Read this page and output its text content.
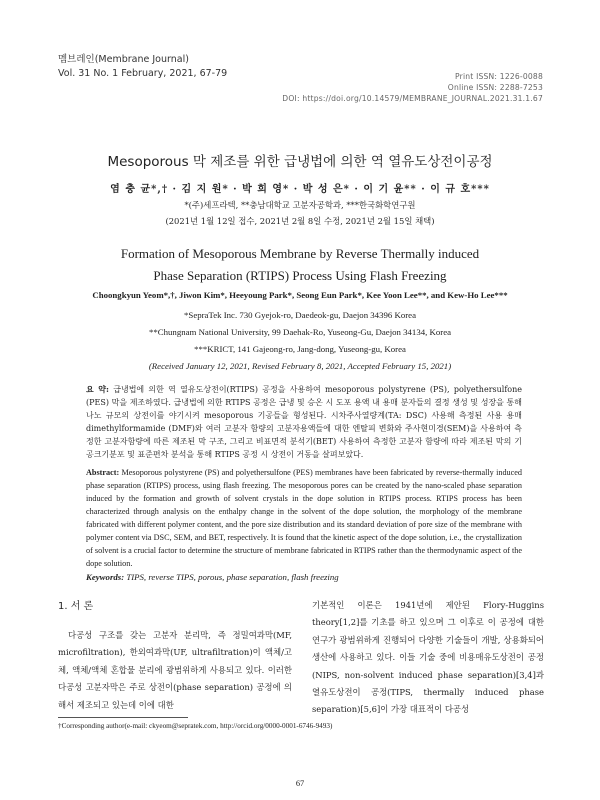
멤브레인(Membrane Journal)
Vol. 31 No. 1 February, 2021, 67-79	Print ISSN: 1226-0088
Online ISSN: 2288-7253
DOI: https://doi.org/10.14579/MEMBRANE_JOURNAL.2021.31.1.67
Mesoporous 막 제조를 위한 급냉법에 의한 역 열유도상전이공정
염 충 균*,† · 김 지 원* · 박 희 영* · 박 성 은* · 이 기 윤** · 이 규 호***
*(주)세프라텍, **충남대학교 고분자공학과, ***한국화학연구원
(2021년 1월 12일 접수, 2021년 2월 8일 수정, 2021년 2월 15일 채택)
Formation of Mesoporous Membrane by Reverse Thermally induced
Phase Separation (RTIPS) Process Using Flash Freezing
Choongkyun Yeom*,†, Jiwon Kim*, Heeyoung Park*, Seong Eun Park*, Kee Yoon Lee**, and Kew-Ho Lee***
*SepraTek Inc. 730 Gyejok-ro, Daedeok-gu, Daejon 34396 Korea
**Chungnam National University, 99 Daehak-Ro, Yuseong-Gu, Daejon 34134, Korea
***KRICT, 141 Gajeong-ro, Jang-dong, Yuseong-gu, Korea
(Received January 12, 2021, Revised February 8, 2021, Accepted February 15, 2021)
요 약: 급냉법에 의한 역 열유도상전이(RTIPS) 공정을 사용하여 mesoporous polystyrene (PS), polyethersulfone (PES) 막을 제조하였다. 급냉법에 의한 RTIPS 공정은 급냉 및 승온 시 도포 용액 내 용매 분자들의 결정 생성 및 성장을 통해 나노 규모의 상전이를 야기시켜 mesoporous 기공들을 형성된다. 시차주사열량계(TA: DSC) 사용해 측정된 사용 용매 dimethylformamide (DMF)와 여러 고분자 함량의 고분자용액들에 대한 엔탈피 변화와 주사현미경(SEM)을 사용하여 측정한 고분자함량에 따른 제조된 막 구조, 그리고 비표면적 분석기(BET) 사용하여 측정한 고분자 함량에 따라 제조된 막의 기공크기분포 및 표준편차 분석을 통해 RTIPS 공정 시 상전이 거동을 살펴보았다.
Abstract: Mesoporous polystyrene (PS) and polyethersulfone (PES) membranes have been fabricated by reverse-thermally induced phase separation (RTIPS) process, using flash freezing. The mesoporous pores can be created by the nano-scaled phase separation induced by the formation and growth of solvent crystals in the dope solution in RTIPS process. RTIPS process has been characterized through analysis on the enthalpy change in the solvent of the dope solution, the morphology of the membrane fabricated with different polymer content, and the pore size distribution and its standard deviation of pore size of the membrane with polymer content via DSC, SEM, and BET, respectively. It is found that the kinetic aspect of the dope solution, i.e., the crystallization of solvent is a crucial factor to determine the structure of membrane fabricated in RTIPS rather than the thermodynamic aspect of the dope solution.
Keywords: TIPS, reverse TIPS, porous, phase separation, flash freezing
1. 서 론
다공성 구조를 갖는 고분자 분리막, 즉 정밀여과막(MF, microfiltration), 한외여과막(UF, ultrafiltration)이 액체/고체, 액체/액체 혼합물 분리에 광범위하게 사용되고 있다. 이러한 다공성 고분자막은 주로 상전이(phase separation) 공정에 의해서 제조되고 있는데 이에 대한
기본적인 이론은 1941년에 제안된 Flory-Huggins theory[1,2]를 기초를 하고 있으며 그 이후로 이 공정에 대한 연구가 광범위하게 진행되어 다양한 기술들이 개발, 상용화되어 생산에 사용하고 있다. 이들 기술 중에 비용매유도상전이 공정(NIPS, non-solvent induced phase separation)[3,4]과 열유도상전이 공정(TIPS, thermally induced phase separation)[5,6]이 가장 대표적이 다공성
†Corresponding author(e-mail: ckyeom@sepratek.com, http://orcid.org/0000-0001-6746-9493)
67
